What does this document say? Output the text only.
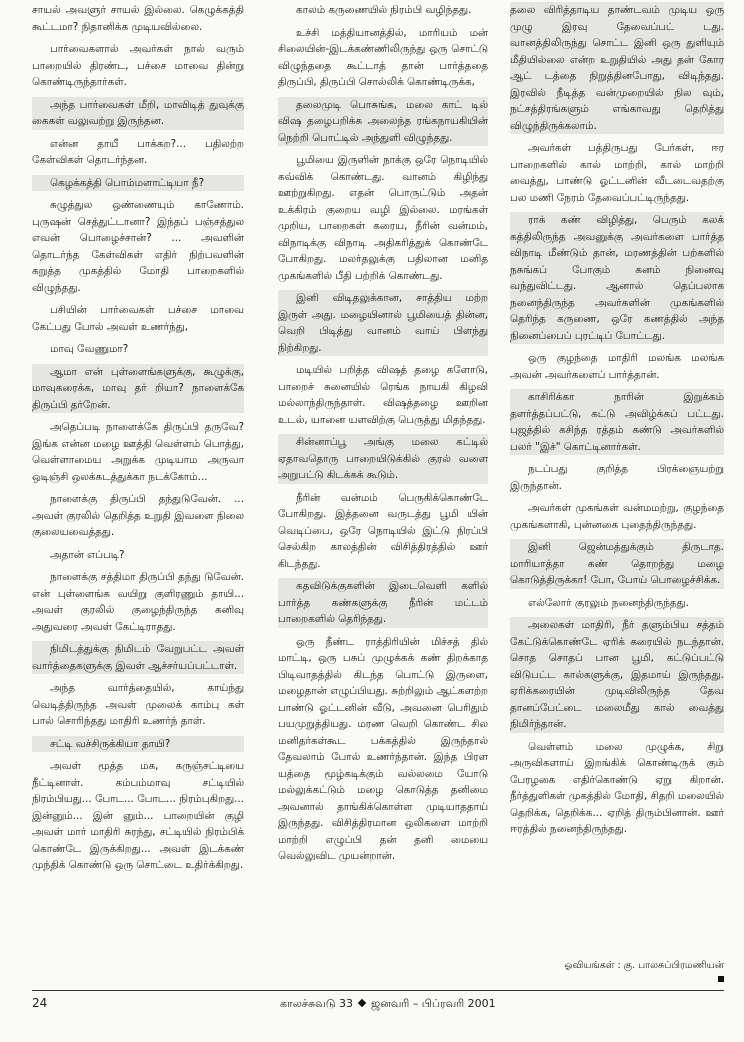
சாயல் அவளுர் சாயல் இல்லை. கெழுக்கத்தி கூட்டமா? நிதானிக்க முடியவில்லை.

பார்வைகளால் அவர்கள் நால் வரும் பாறையில் திரண்ட, பச்சை மாவை தின்று கொண்டிருந்தார்கள்.

அந்த பார்வைகள் மீறி, மாவிடித் துவுக்கு கைகள் வலுவற்று இருந்தன.

என்ன தாயீ பாக்கற?... பதிலற்ற கேள்விகள் தொடர்ந்தன.

கெழக்கத்தி பொம்மளாட்டியா நீ?

சுழுத்துல ஒண்ணையும் காணோம். புருஷன் செத்துட்டானா? இந்தப் பஞ்சத்துல எவன் பொழைச்சான்? ... அவளின் தொடர்ந்த கேள்விகள் எதிர் நிற்பவளின் கறுத்த முகத்தில் மோதி பாறைகளில் விழுந்தது.

பசியின் பார்வைகள் பச்சை மாவை கேட்பது போல் அவள் உணர்ந்து,

மாவு வேணுமா?

ஆமா என் புள்ளைங்களுக்கு, கூழுக்கு, மாவுகரைக்க, மாவு தர் றியா? நாளைக்கே திருப்பி தர்றேன்.

அதெப்படி நாளைக்கே திருப்பி தருவே? இங்க என்ன மழை ஊத்தி வெள்ளம் பொத்து, வெள்ளாமைய அறுக்க முடியாம அருவா ஒடிஞ்சி ஒலக்கடத்துக்கா நடக்கோம்...

நாளைக்கு திருப்பி தந்துடுவேன். ... அவள் குரலில் தெறித்த உறுதி இவளை நிலை குலையவைத்தது.

அதான் எப்படி?

நாளைக்கு சத்திமா திருப்பி தந்து டுவேன். என் புள்ளைங்க வயிறு குளிரணும் தாயி... அவள் குரலில் குழைந்திருந்த கனிவு அதுவரை அவள் கேட்டிராதது.

நிமிடத்துக்கு நிமிடம் வேறுபட்ட அவள் வார்த்தைகளுக்கு இவள் ஆச்சர்யப்பட்டாள்.

அந்த வார்த்தையில், காய்ந்து வெடித்திருந்த அவள் முலைக் காம்பு கள் பால் சொரிந்தது மாதிரி உணர்ந் தாள்.

சட்டி வச்சிருக்கியா தாயி?

அவள் மூத்த மக, கருஞ்சட்டியை நீட்டினாள். கம்பம்மாவு சட்டியில் நிரம்பியது... போட... போட... நிரம்புகிறது... இன்னும்... இன் னும்... பாறையின் குழி அவள் மார் மாதிரி சுரந்து, சட்டியில் நிரம்பிக் கொண்டே இருக்கிறது... அவள் இடக்கண் முந்திக் கொண்டு ஒரு சொட்டை உதிர்க்கிறது.

காலம் கருணையில் நிரம்பி வழிந்தது.

உச்சி மத்தியானத்தில், மாரியம் மன் சிலையின்-இடக்கண்ணிலிருந்து ஒரு சொட்டு விழுந்ததை கூட்டாத் தான் பார்த்ததை திருப்பி, திருப்பி சொல்லிக் கொண்டிருக்க,

தலைமுடி பொசுங்க, மலை காட் டில் விஷ தழைபறிக்க அலைந்த ரங்கநாயகியின் நெற்றி பொட்டில் அந்துளி விழுந்தது.

பூமியை இருளின் நாக்கு ஒரே நொடியில் கவ்விக் கொண்டது. வானம் கிழிந்து ஊற்றுகிறது. எதன் பொருட்டும் அதன் உக்கிரம் குறைய வழி இல்லை. மரங்கள் முறிய, பாறைகள் கரைய, நீரின் வன்மம், விநாடிக்கு விநாடி அதிகரித்துக் கொண்டே போகிறது. மலர்தலுக்கு பதிலான மனித முகங்களில் பீதி பற்றிக் கொண்டது.

இனி விடிதலுக்கான, சாத்திய மற்ற இருள் அது. மழையினால் பூமியைத் தின்ன, வெறி பிடித்து வானம் வாய் பிளந்து நிற்கிறது.

மடியில் பறித்த விஷத் தழை களோடு, பாறைச் சுனையில் ரெங்க நாயகி கிழவி மல்லாந்திருந்தாள். விஷத்தழை ஊறின உடல், யானை யளவிற்கு பெருத்து மிதந்தது.

சின்னாப்பூ அங்கு மலை கட்டில் ஏதாவதொரு பாறையிடுக்கில் குரல் வளை அறுபட்டு கிடக்கக் கூடும்.

நீரின் வன்மம் பெருகிக்கொண்டே போகிறது. இத்தனை வருடத்து பூமி யின் வெடிப்பை, ஒரே நொடியில் இட்டு நிரப்பி செல்கிற காலத்தின் விசித்திரத்தில் ஊர் கிடந்தது.

கதவிடுக்குகளின் இடைவெளி களில் பார்த்த கண்களுக்கு நீரின் மட்டம் பாறைகளில் தெரிந்தது.

ஒரு நீண்ட ராத்திரியின் மிச்சத் தில் மாட்டி, ஒரு பசுப் முழுக்கக் கண் திறக்காத பிடிவாதத்தில் கிடந்த பொட்டு இருளை, மழைதான் எழுப்பியது. சுற்றிலும் ஆட்களற்ற பாண்டு ஓட்டனின் வீடு, அவனை பெரிதும் பயமுறுத்தியது. மரண வெறி கொண்ட சில மனிதர்கள்கூட பக்கத்தில் இருந்தால் தேவலாம் போல் உணர்ந்தான். இந்த பிரள யத்தை மூழ்கடிக்கும் வல்லமை யோடு மல்லுக்கட்டும் மழை கொடுத்த தனிமை அவனால் தாங்கிக்கொள்ள முடியாததாய் இருந்தது. விசித்திரமான ஒலிகளை மாற்றி மாற்றி எழுப்பி தன் தனி மையை வெல்லுவிட முயன்றான்.

தலை விரித்தாடிய தாண்டவம் முடிய ஒரு முழு இரவு தேவைப்பட் டது. வானத்திலிருந்து சொட்ட இனி ஒரு துளியும் மீதியில்லை என்ற உறுதியில் அது தன் கோர ஆட் டத்தை நிறுத்தினபோது, விடிந்தது. இரவில் நீடித்த வன்முறையில் நில வும், நட்சத்திரங்களும் எங்காவது தெறித்து விழுந்திருக்கலாம்.

அவர்கள் பத்திருபது பேர்கள், ஈர பாறைகளில் கால் மாற்றி, கால் மாற்றி வைத்து, பாண்டு ஓட்டனின் வீடடைவதற்கு பல மணி நேரம் தேவைப்பட்டிருந்தது.

ராக் கண் விழித்து, பெரும் கலக் கத்திலிருந்த அவனுக்கு அவர்களை பார்த்த விநாடி மீண்டும் தான், மரணத்தின் பற்களில் நசுங்கப் போகும் கனம் நினைவு வந்துவிட்டது. ஆனால் தெப்பலாக நனைந்திருந்த அவர்களின் முகங்களில் தெரிந்த கருணை, ஒரே கணத்தில் அந்த நினைப்பைப் புரட்டிப் போட்டது.

ஒரு குழந்தை மாதிரி மலங்க மலங்க அவன் அவர்களைப் பார்த்தான்.

காசிரிக்கா நாரின் இறுக்கம் தளர்த்தப்பட்டு, கட்டு அவிழ்க்கப் பட்டது. புஜத்தில் கசிந்த ரத்தம் கண்டு அவர்களில் பலர் "இச்" கொட்டினார்கள்.

நடப்பது குறித்த பிரக்ஞையற்று இருந்தான்.

அவர்கள் முகங்கள் வன்மமற்று, குழந்தை முகங்களாகி, புன்னகை புதைந்திருந்தது.

இனி ஜென்மத்துக்கும் திருடாத. மாரியாத்தா கண் தொறந்து மழை கொடுத்திருக்கா! போ, போய் பொழைச்சிக்க.

எல்லோர் குரலும் நனைந்திருந்தது.

அலைகள் மாதிரி, நீர் தளும்பிய சத்தம் கேட்டுக்கொண்டே ஏரிக் கரையில் நடந்தான். சொத சொதப் பான பூமி, கட்டுப்பட்டு விடுபட்ட கால்களுக்கு, இதமாய் இருந்தது. ஏரிக்கரையின் முடிவிலிருந்த தேவ தானப்பேட்டை மலைமீது கால் வைத்து நிமிர்ந்தான்.

வெள்ளம் மலை முழுக்க, சிறு அருவிகளாய் இறங்கிக் கொண்டிருக் கும் பேரழகை எதிர்கொண்டு ஏறு கிறான். நீர்த்துளிகள் முகத்தில் மோதி, சிதறி மலையில் தெறிக்க, தெறிக்க... ஏறித் திரும்பினான். ஊர் ஈரத்தில் நனைந்திருந்தது.

ஓவியங்கள் : கு. பாலசுப்பிரமணியன்
24	காலச்சுவடு 33 ஜனவரி – பிப்ரவரி 2001
